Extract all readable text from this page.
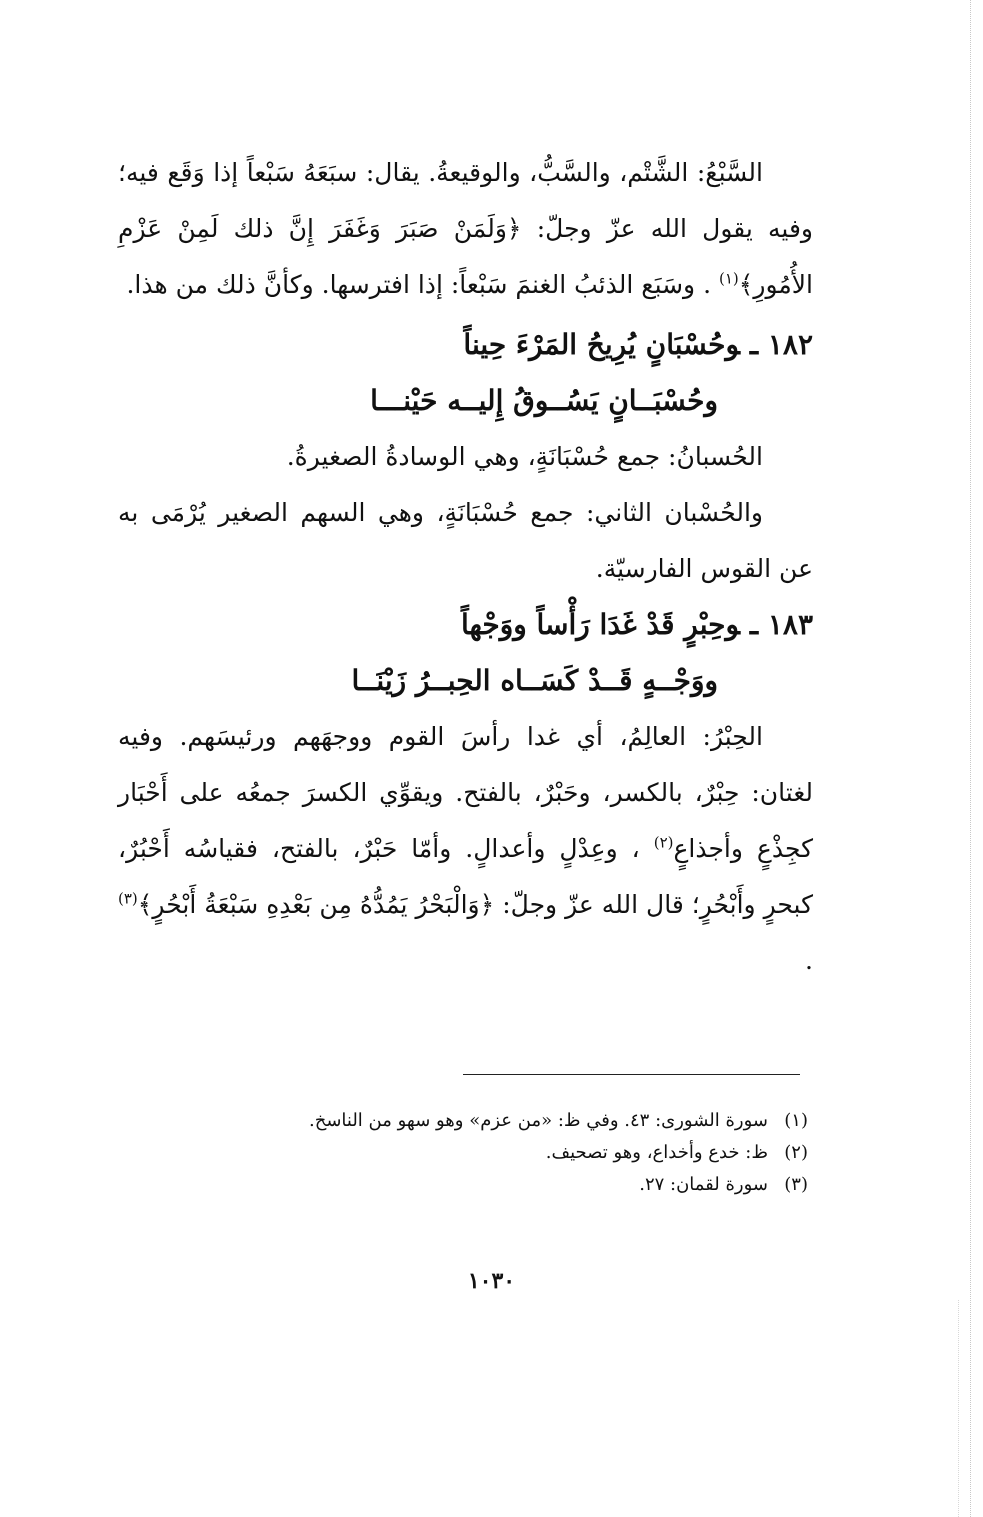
السَّبْعُ: الشَّتْم، والسَّبُّ، والوقيعةُ. يقال: سبَعَهُ سَبْعاً إذا وَقَع فيه؛ وفيه يقول الله عزّ وجلّ: ﴿وَلَمَنْ صَبَرَ وَغَفَرَ إِنَّ ذلك لَمِنْ عَزْمِ الأُمُورِ﴾$^{(١)}$ . وسَبَع الذئبُ الغنمَ سَبْعاً: إذا افترسها. وكأنَّ ذلك من هذا.

١٨٢ ـوحُسْبَانٍ يُرِيحُ المَرْءَ حِيناً

وحُسْبَــانٍ يَسُــوقُ إِليــه حَيْنـــا

الحُسبانُ: جمع حُسْبَانَةٍ، وهي الوسادةُ الصغيرةُ.

والحُسْبان الثاني: جمع حُسْبَانَةٍ، وهي السهم الصغير يُرْمَى به عن القوس الفارسيّة.

١٨٣ ـوحِبْرٍ قَدْ غَدَا رَأْساً ووَجْهاً

ووَجْــهٍ قَــدْ كَسَــاه الحِبــرُ زَيْنَــا

الحِبْرُ: العالِمُ، أي غدا رأسَ القوم ووجهَهم ورئيسَهم. وفيه لغتان: حِبْرٌ، بالكسر، وحَبْرٌ، بالفتح. ويقوِّي الكسرَ جمعُه على أَحْبَار كجِذْعٍ وأجذاعٍ$^{(٢)}$ ، وعِدْلٍ وأعدالٍ. وأمّا حَبْرٌ، بالفتح، فقياسُه أَحْبُرٌ، كبحرٍ وأَبْحُرٍ؛ قال الله عزّ وجلّ: ﴿وَالْبَحْرُ يَمُدُّهُ مِن بَعْدِهِ سَبْعَةُ أَبْحُرٍ﴾$^{(٣)}$ .

(١)سورة الشورى: ٤٣. وفي ظ: «من عزم» وهو سهو من الناسخ.

(٢)ظ: خدع وأخداع، وهو تصحيف.

(٣)سورة لقمان: ٢٧.

١٠٣٠
